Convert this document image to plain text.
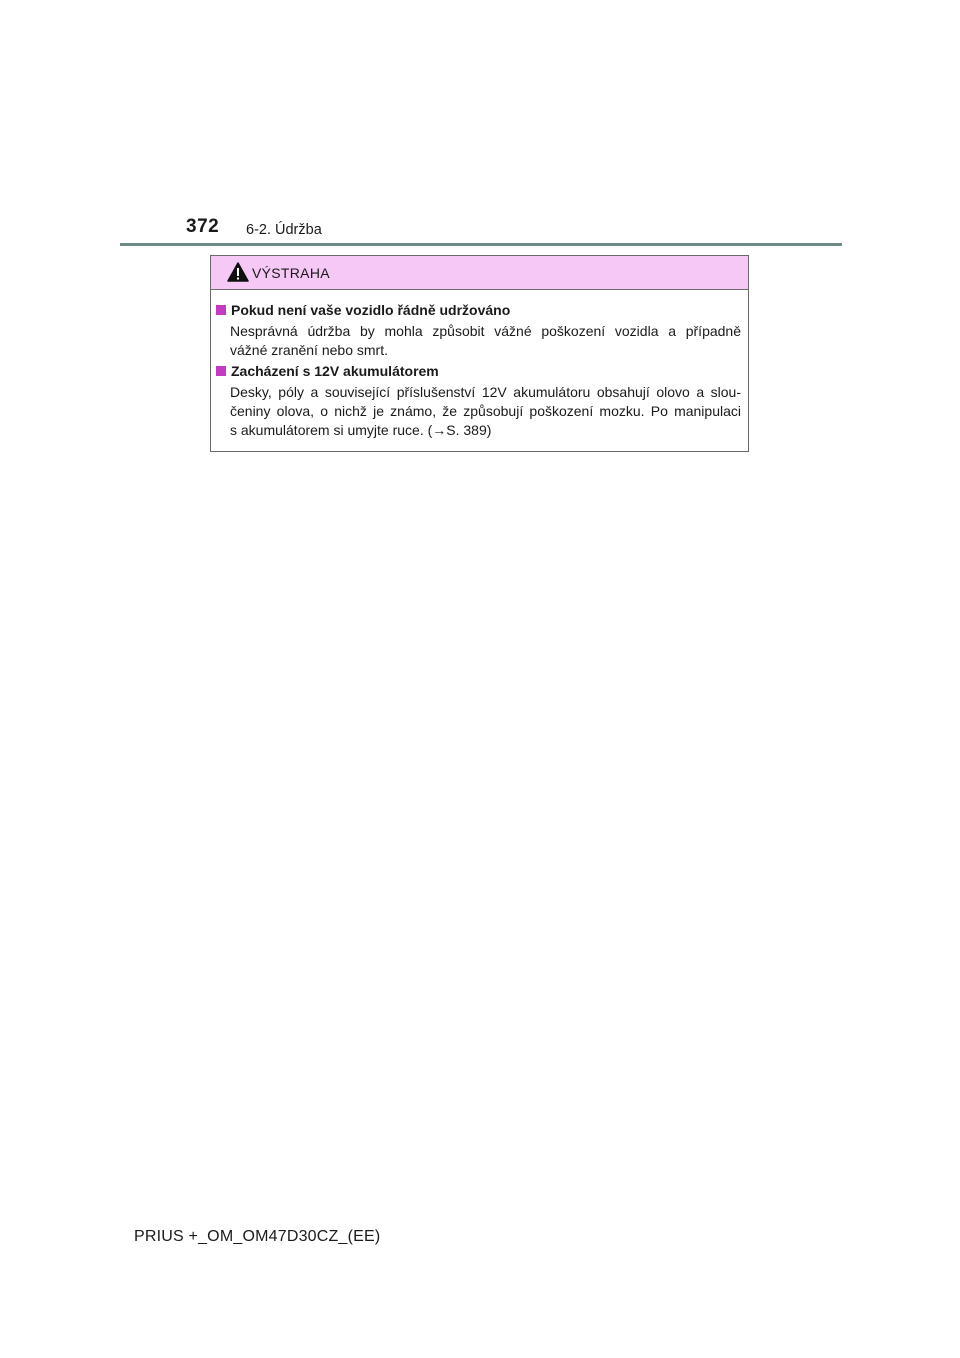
372 6-2. Údržba
VÝSTRAHA
Pokud není vaše vozidlo řádně udržováno
Nesprávná údržba by mohla způsobit vážné poškození vozidla a případně
vážné zranění nebo smrt.
Zacházení s 12V akumulátorem
Desky, póly a související příslušenství 12V akumulátoru obsahují olovo a slou-
čeniny olova, o nichž je známo, že způsobují poškození mozku. Po manipulaci
s akumulátorem si umyjte ruce. (→S. 389)
PRIUS +_OM_OM47D30CZ_(EE)
